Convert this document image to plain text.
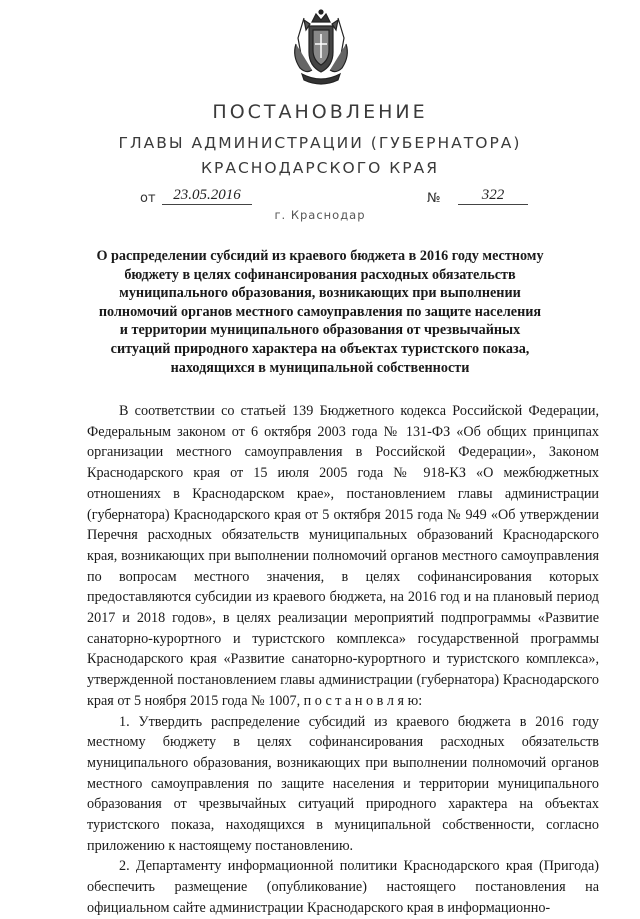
ПОСТАНОВЛЕНИЕ
ГЛАВЫ АДМИНИСТРАЦИИ (ГУБЕРНАТОРА)
КРАСНОДАРСКОГО КРАЯ
от	23.05.2016	№	322
г. Краснодар
О распределении субсидий из краевого бюджета в 2016 году местному бюджету в целях софинансирования расходных обязательств муниципального образования, возникающих при выполнении полномочий органов местного самоуправления по защите населения и территории муниципального образования от чрезвычайных ситуаций природного характера на объектах туристского показа, находящихся в муниципальной собственности

В соответствии со статьей 139 Бюджетного кодекса Российской Федерации, Федеральным законом от 6 октября 2003 года № 131-ФЗ «Об общих принципах организации местного самоуправления в Российской Федерации», Законом Краснодарского края от 15 июля 2005 года № 918-КЗ «О межбюджетных отношениях в Краснодарском крае», постановлением главы администрации (губернатора) Краснодарского края от 5 октября 2015 года № 949 «Об утверждении Перечня расходных обязательств муниципальных образований Краснодарского края, возникающих при выполнении полномочий органов местного самоуправления по вопросам местного значения, в целях софинансирования которых предоставляются субсидии из краевого бюджета, на 2016 год и на плановый период 2017 и 2018 годов», в целях реализации мероприятий подпрограммы «Развитие санаторно-курортного и туристского комплекса» государственной программы Краснодарского края «Развитие санаторно-курортного и туристского комплекса», утвержденной постановлением главы администрации (губернатора) Краснодарского края от 5 ноября 2015 года № 1007, п о с т а н о в л я ю:

1. Утвердить распределение субсидий из краевого бюджета в 2016 году местному бюджету в целях софинансирования расходных обязательств муниципального образования, возникающих при выполнении полномочий органов местного самоуправления по защите населения и территории муниципального образования от чрезвычайных ситуаций природного характера на объектах туристского показа, находящихся в муниципальной собственности, согласно приложению к настоящему постановлению.

2. Департаменту информационной политики Краснодарского края (Пригода) обеспечить размещение (опубликование) настоящего постановления на официальном сайте администрации Краснодарского края в информационно-
